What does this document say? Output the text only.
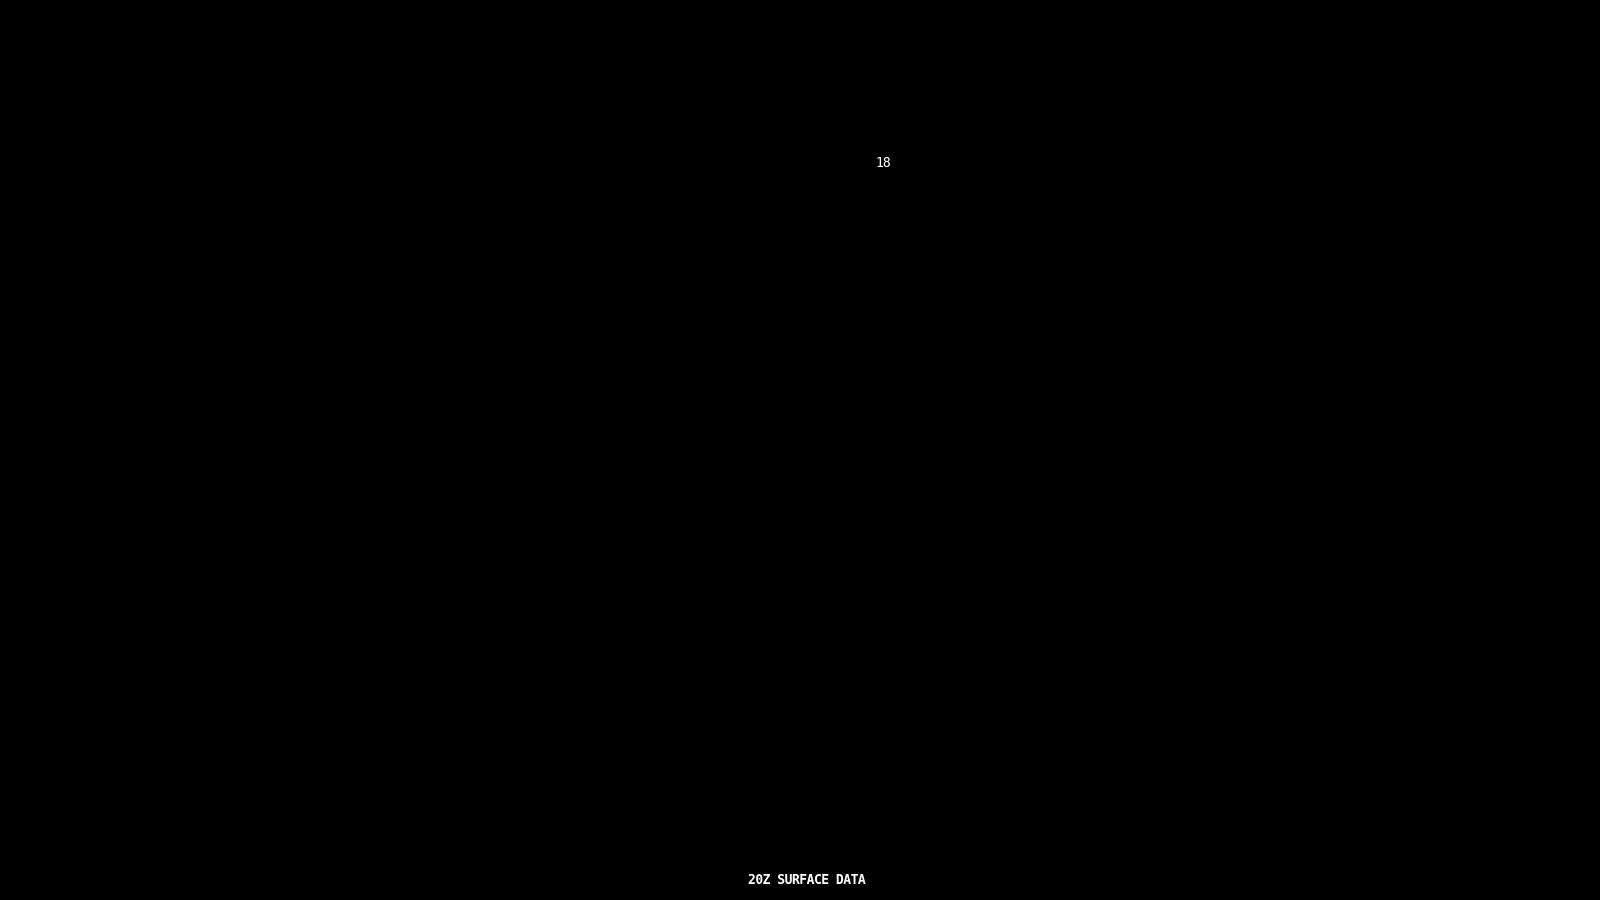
18
20Z SURFACE DATA
